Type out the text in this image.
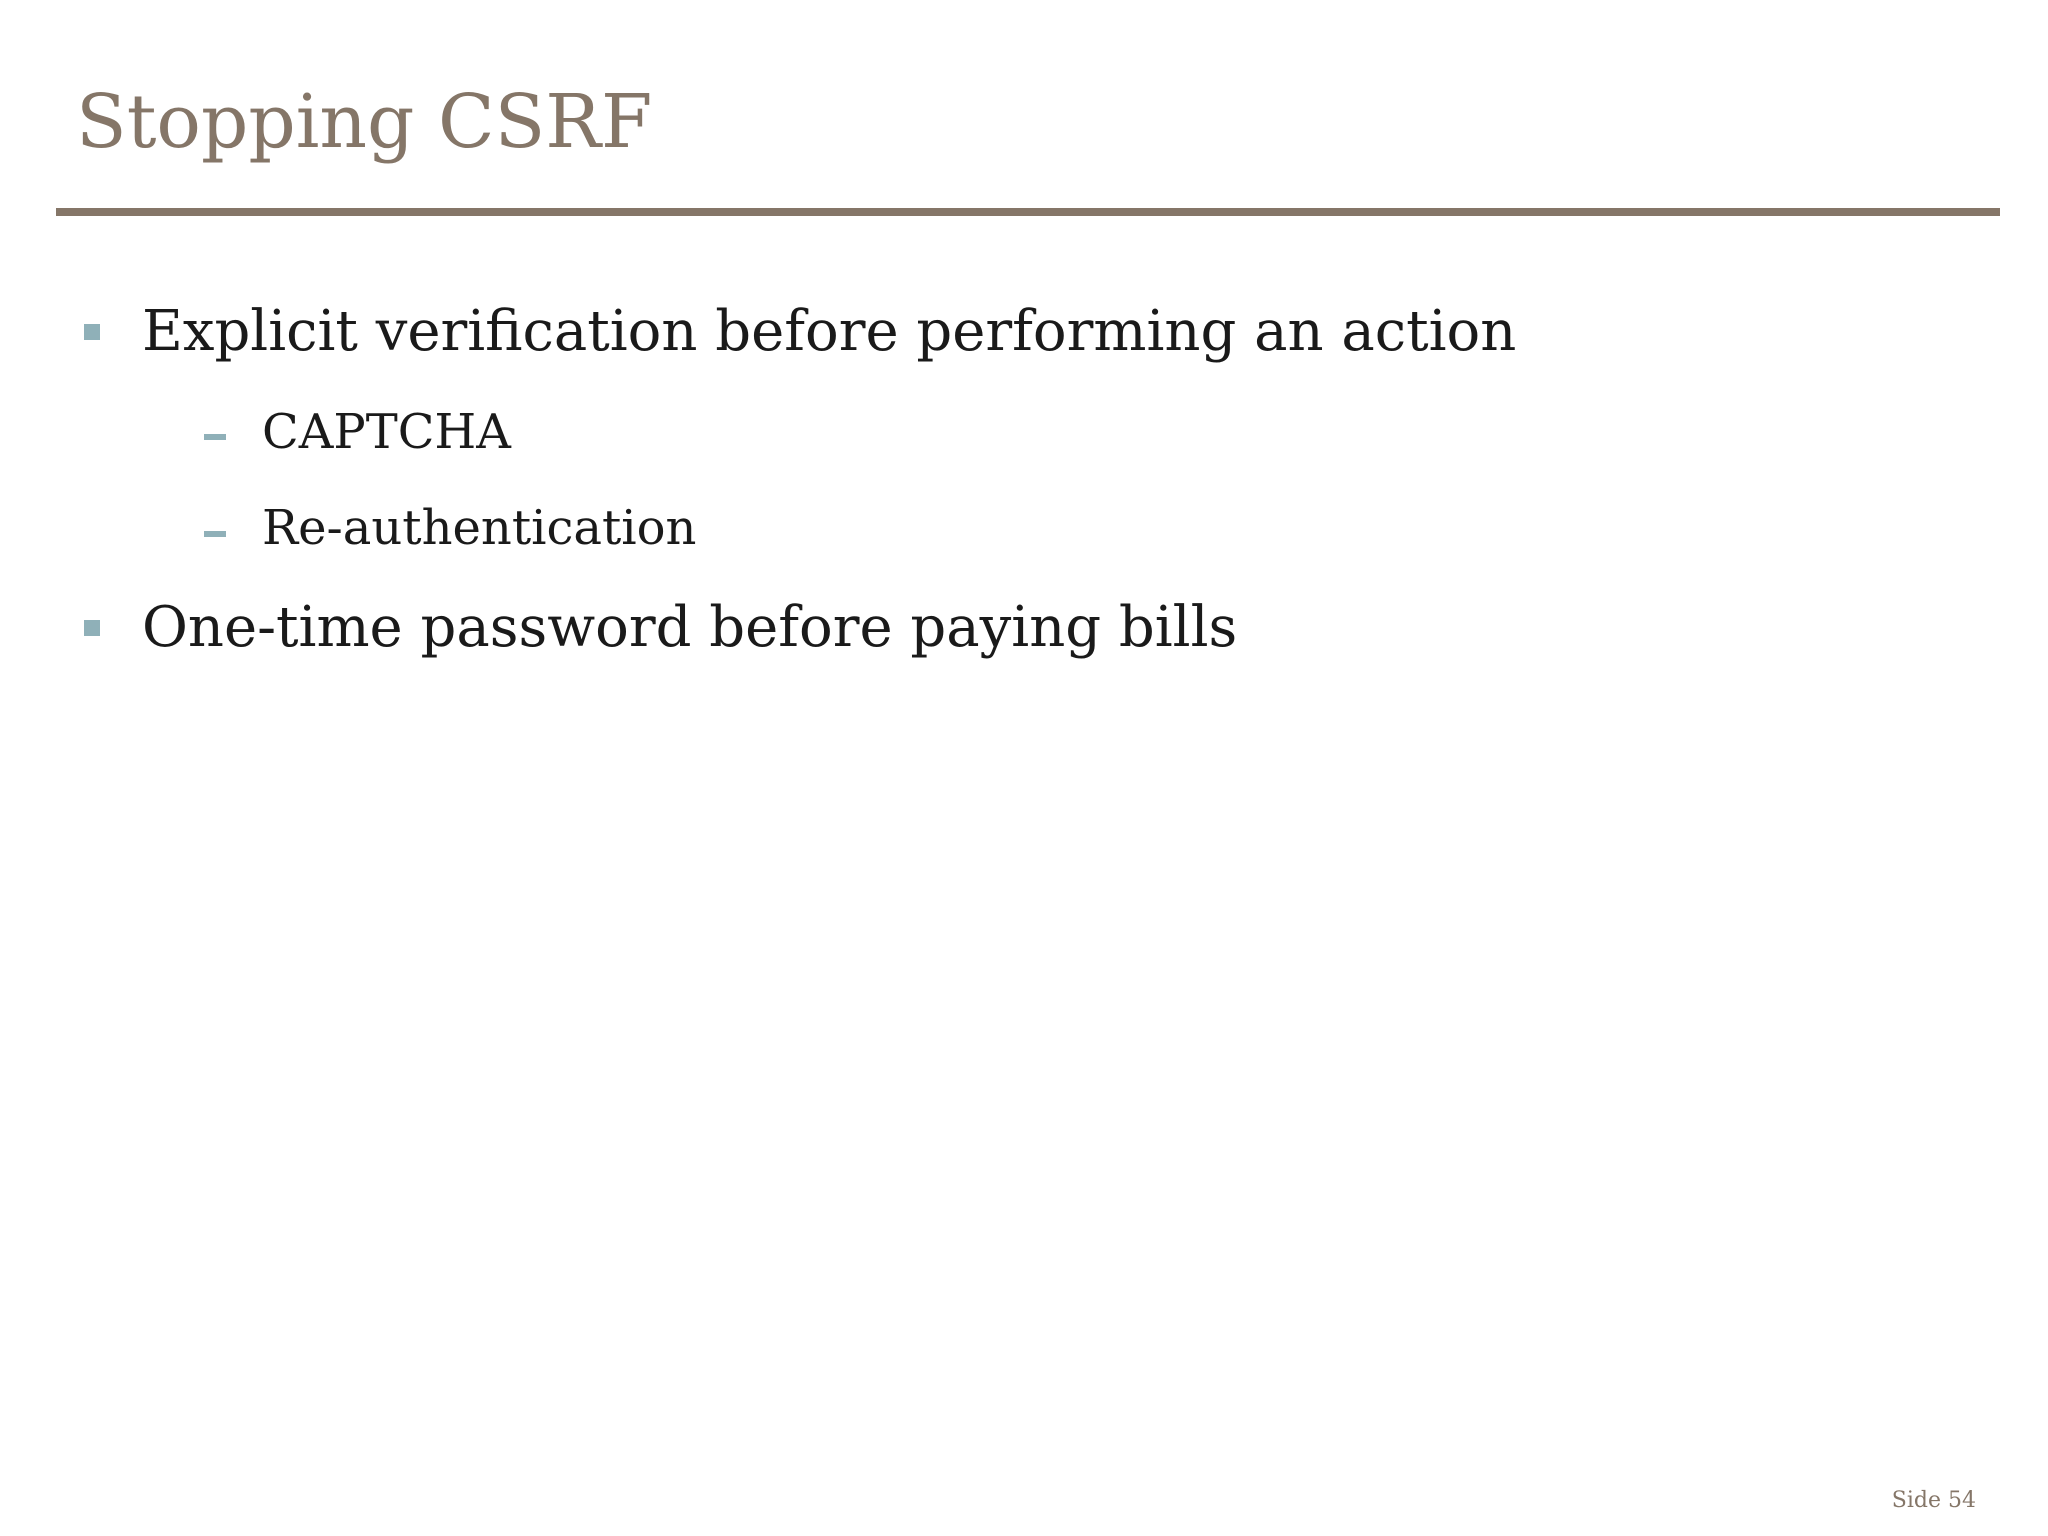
Stopping CSRF
Explicit verification before performing an action
CAPTCHA
Re-authentication
One-time password before paying bills
Side 54
